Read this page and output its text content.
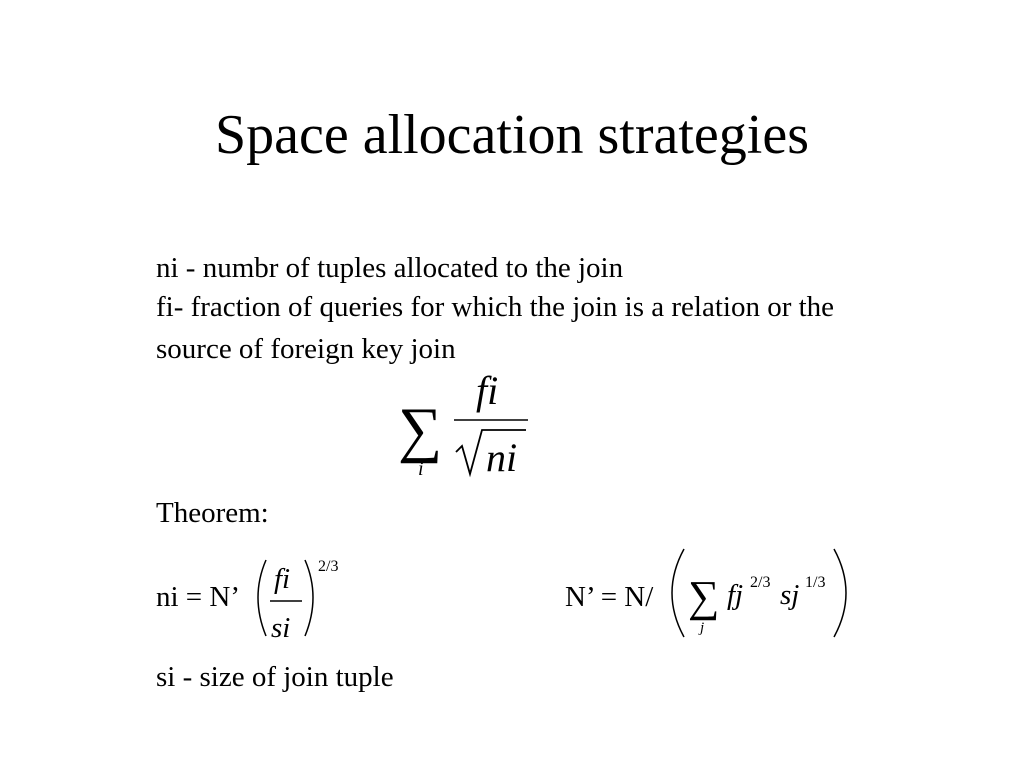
Space allocation strategies
ni - numbr of tuples allocated to the join
fi- fraction of queries for which the join is a relation or the
source of foreign key join
Theorem:
ni = N’	N’ = N/
si - size of join tuple
∑
i
fi
ni
fi
si
2/3
∑
j
fj 2/3 sj 1/3
